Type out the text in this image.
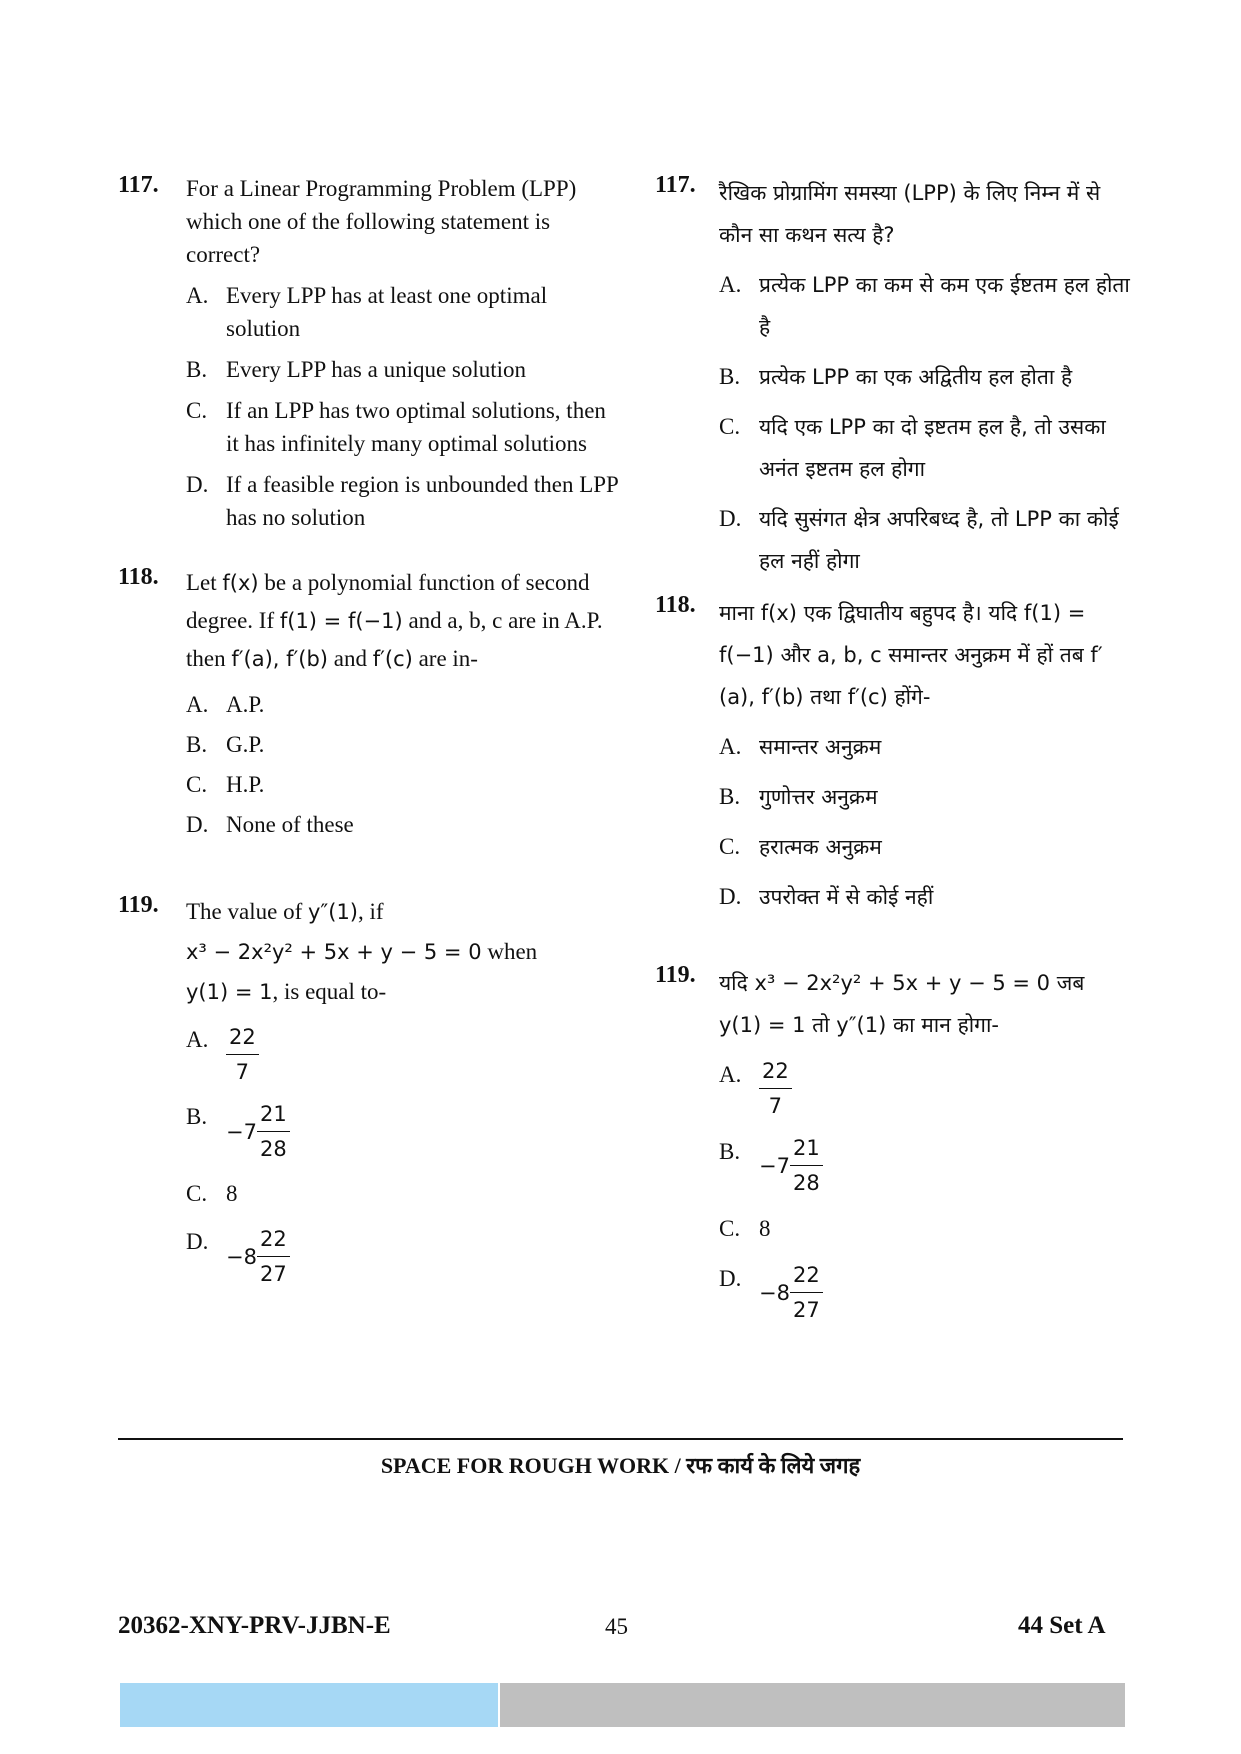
117. For a Linear Programming Problem (LPP) which one of the following statement is correct?
A. Every LPP has at least one optimal solution
B. Every LPP has a unique solution
C. If an LPP has two optimal solutions, then it has infinitely many optimal solutions
D. If a feasible region is unbounded then LPP has no solution
118. Let f(x) be a polynomial function of second degree. If f(1) = f(−1) and a, b, c are in A.P. then f′(a), f′(b) and f′(c) are in-
A. A.P.
B. G.P.
C. H.P.
D. None of these
119. The value of y″(1), if
x³ − 2x²y² + 5x + y − 5 = 0 when
y(1) = 1, is equal to-
A. $\frac{22}{7}$
B.
$-7 \frac{21}{28}$
C. 8
D.
$-8 \frac{22}{27}$
117. रैखिक प्रोग्रामिंग समस्या (LPP) के लिए निम्न में से कौन सा कथन सत्य है?
A. प्रत्येक LPP का कम से कम एक ईष्टतम हल होता है
B. प्रत्येक LPP का एक अद्वितीय हल होता है
C. यदि एक LPP का दो इष्टतम हल है, तो उसका अनंत इष्टतम हल होगा
D. यदि सुसंगत क्षेत्र अपरिबध्द है, तो LPP का कोई हल नहीं होगा
118. माना f(x) एक द्विघातीय बहुपद है। यदि f(1) = f(−1) और a, b, c समान्तर अनुक्रम में हों तब f′(a), f′(b) तथा f′(c) होंगे-
A. समान्तर अनुक्रम
B. गुणोत्तर अनुक्रम
C. हरात्मक अनुक्रम
D. उपरोक्त में से कोई नहीं
119. यदि x³ − 2x²y² + 5x + y − 5 = 0 जब
y(1) = 1 तो y″(1) का मान होगा-
A. $\frac{22}{7}$
B.
$-7 \frac{21}{28}$
C. 8
D.
$-8 \frac{22}{27}$
SPACE FOR ROUGH WORK / रफ कार्य के लिये जगह
20362-XNY-PRV-JJBN-E	45	44 Set A
